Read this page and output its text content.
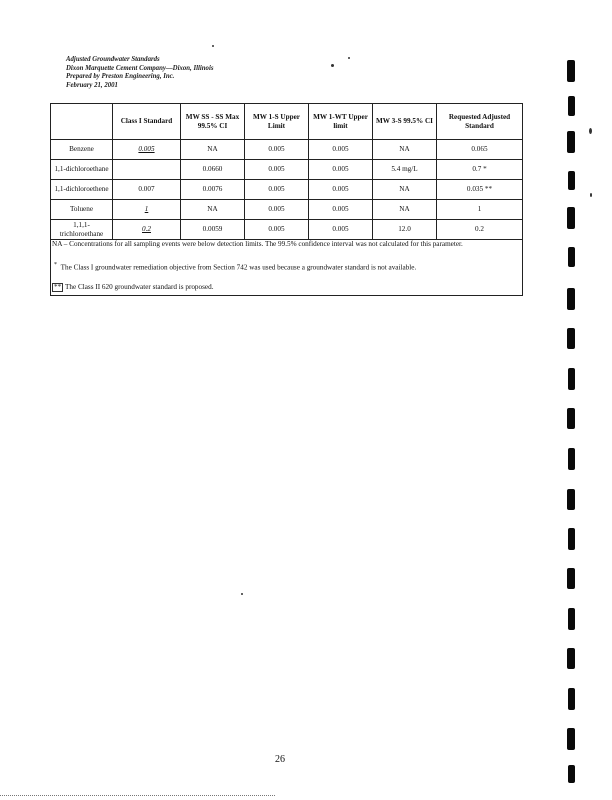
Adjusted Groundwater Standards
Dixon Marquette Cement Company—Dixon, Illinois
Prepared by Preston Engineering, Inc.
February 21, 2001
	Class I Standard	MW SS - SS Max 99.5% CI	MW 1-S Upper Limit	MW 1-WT Upper limit	MW 3-S 99.5% CI	Requested Adjusted Standard
Benzene	0.005	NA	0.005	0.005	NA	0.065
1,1-dichloroethane		0.0660	0.005	0.005	5.4 mg/L	0.7 *
1,1-dichloroethene	0.007	0.0076	0.005	0.005	NA	0.035 **
Toluene	1	NA	0.005	0.005	NA	1
1,1,1-trichloroethane	0.2	0.0059	0.005	0.005	12.0	0.2

NA – Concentrations for all sampling events were below detection limits. The 99.5% confidence interval was not calculated for this parameter.

* The Class I groundwater remediation objective from Section 742 was used because a groundwater standard is not available.

** The Class II 620 groundwater standard is proposed.

26
